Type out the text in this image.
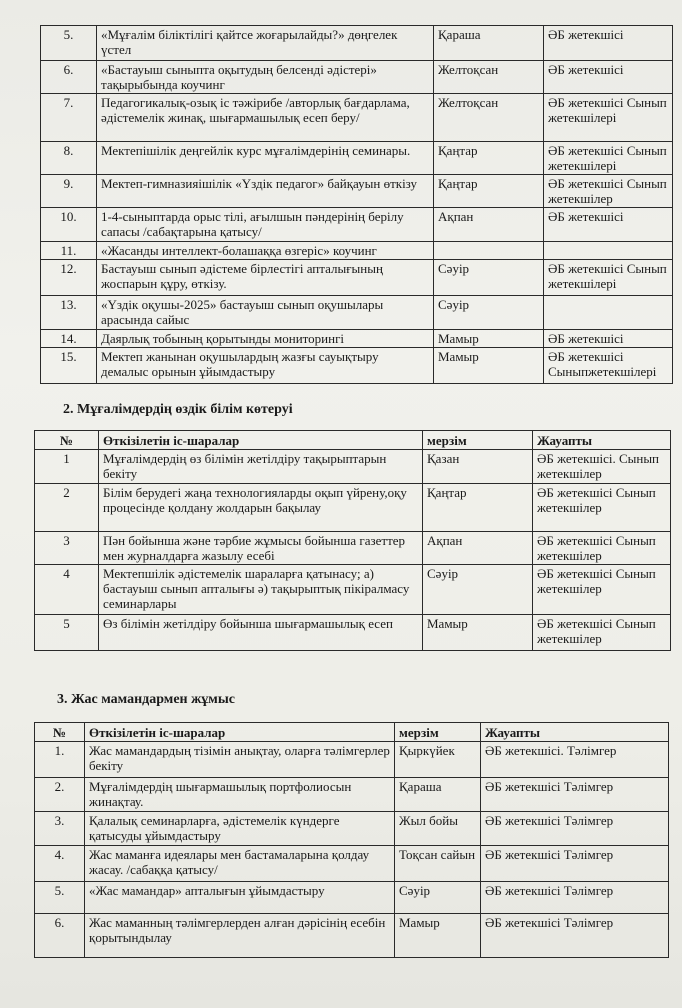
5.	«Мұғалім біліктілігі қайтсе жоғарылайды?» дөңгелек үстел	Қараша	ӘБ жетекшісі
6.	«Бастауыш сыныпта оқытудың белсенді әдістері» тақырыбында коучинг	Желтоқсан	ӘБ жетекшісі
7.	Педагогикалық-озық іс тәжірибе /авторлық бағдарлама, әдістемелік жинақ, шығармашылық есеп беру/	Желтоқсан	ӘБ жетекшісі Сынып жетекшілері
8.	Мектепішілік деңгейлік курс мұғалімдерінің семинары.	Қаңтар	ӘБ жетекшісі Сынып жетекшілері
9.	Мектеп-гимназияішілік «Үздік педагог» байқауын өткізу	Қаңтар	ӘБ жетекшісі Сынып жетекшілер
10.	1-4-сыныптарда орыс тілі, ағылшын пәндерінің берілу сапасы /сабақтарына қатысу/	Ақпан	ӘБ жетекшісі
11.	«Жасанды интеллект-болашаққа өзгеріс» коучинг		
12.	Бастауыш сынып әдістеме бірлестігі апталығының жоспарын құру, өткізу.	Сәуір	ӘБ жетекшісі Сынып жетекшілері
13.	«Үздік оқушы-2025» бастауыш сынып оқушылары арасында сайыс	Сәуір	
14.	Даярлық тобының қорытынды мониторингі	Мамыр	ӘБ жетекшісі
15.	Мектеп жанынан оқушылардың жазғы сауықтыру демалыс орынын ұйымдастыру	Мамыр	ӘБ жетекшісі Сыныпжетекшілері
2. Мұғалімдердің өздік білім көтеруі
№	Өткізілетін іс-шаралар	мерзім	Жауапты
1	Мұғалімдердің өз білімін жетілдіру тақырыптарын бекіту	Қазан	ӘБ жетекшісі. Сынып жетекшілер
2	Білім берудегі жаңа технологияларды оқып үйрену,оқу процесінде қолдану жолдарын бақылау	Қаңтар	ӘБ жетекшісі Сынып жетекшілер
3	Пән бойынша және тәрбие жұмысы бойынша газеттер мен журналдарға жазылу есебі	Ақпан	ӘБ жетекшісі Сынып жетекшілер
4	Мектепшілік әдістемелік шараларға қатынасу; а) бастауыш сынып апталығы ә) тақырыптық пікіралмасу семинарлары	Сәуір	ӘБ жетекшісі Сынып жетекшілер
5	Өз білімін жетілдіру бойынша шығармашылық есеп	Мамыр	ӘБ жетекшісі Сынып жетекшілер
3. Жас мамандармен жұмыс
№	Өткізілетін іс-шаралар	мерзім	Жауапты
1.	Жас мамандардың тізімін анықтау, оларға тәлімгерлер бекіту	Қыркүйек	ӘБ жетекшісі. Тәлімгер
2.	Мұғалімдердің шығармашылық портфолиосын жинақтау.	Қараша	ӘБ жетекшісі Тәлімгер
3.	Қалалық семинарларға, әдістемелік күндерге қатысуды ұйымдастыру	Жыл бойы	ӘБ жетекшісі Тәлімгер
4.	Жас маманға идеялары мен бастамаларына қолдау жасау. /сабаққа қатысу/	Тоқсан сайын	ӘБ жетекшісі Тәлімгер
5.	«Жас мамандар» апталығын ұйымдастыру	Сәуір	ӘБ жетекшісі Тәлімгер
6.	Жас маманның тәлімгерлерден алған дәрісінің есебін қорытындылау	Мамыр	ӘБ жетекшісі Тәлімгер
